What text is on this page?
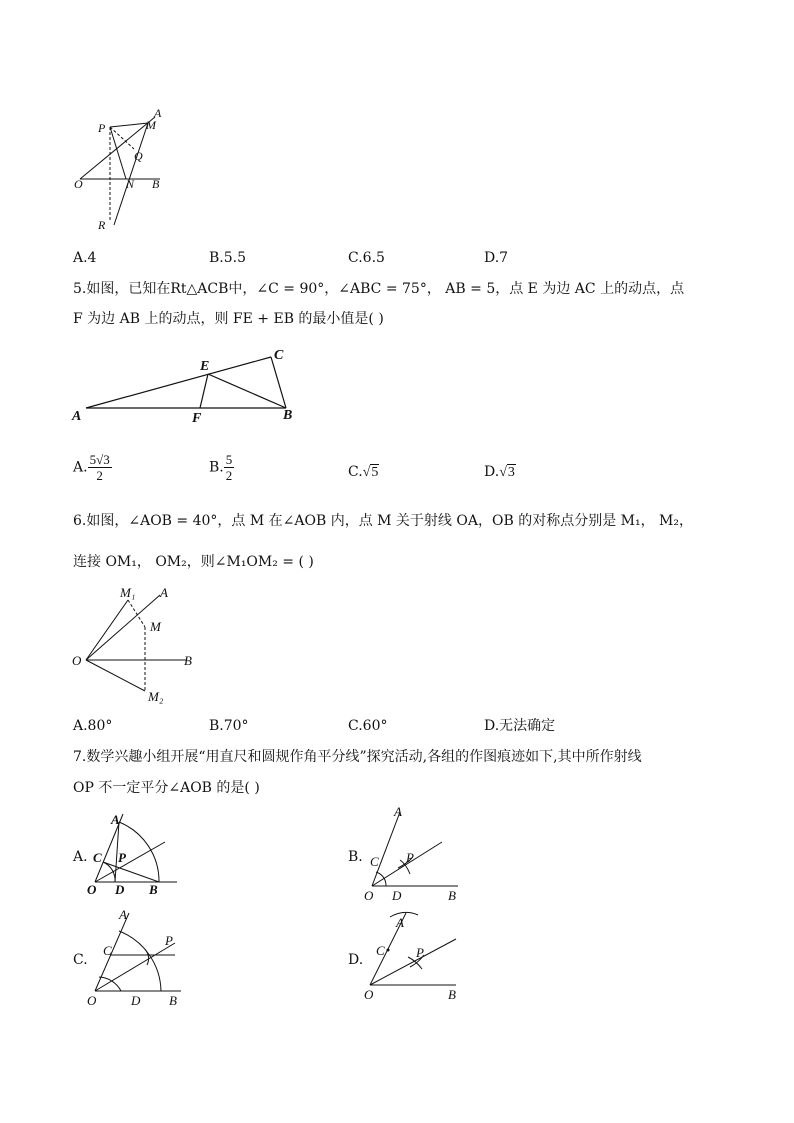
P
A
M
Q
O	N B
R
A.4	B.5.5	C.6.5	D.7
5.如图，已知在Rt△ACB中，∠C = 90°，∠ABC = 75°， AB = 5，点 E 为边 AC 上的动点，点
F 为边 AB 上的动点，则 FE + EB 的最小值是( )
A
E
C
F	B
A. $\frac{5√3}{2}$	B. $\frac{5}{2}$	C.√5	D.√3
6.如图，∠AOB = 40°，点 M 在∠AOB 内，点 M 关于射线 OA，OB 的对称点分别是 M₁， M₂，
连接 OM₁， OM₂，则∠M₁OM₂ = ( )
M₁ A
M
O	B
M₂
A.80°	B.70°	C.60°	D.无法确定
7.数学兴趣小组开展“用直尺和圆规作角平分线”探究活动,各组的作图痕迹如下,其中所作射线
OP 不一定平分∠AOB 的是( )
A.
A
C P
O D B
B.
A
C P
O D	B
C.
A
C
P
O	D B
D.
A
C P
O	B
